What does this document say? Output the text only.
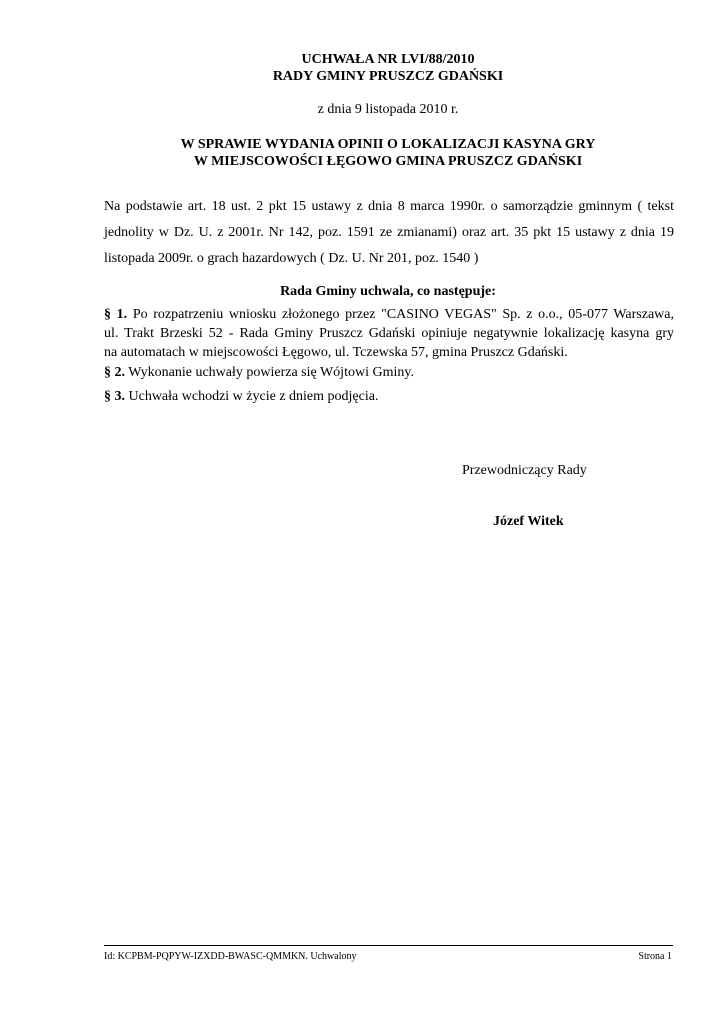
UCHWAŁA NR LVI/88/2010
RADY GMINY PRUSZCZ GDAŃSKI
z dnia 9 listopada 2010 r.
W SPRAWIE WYDANIA OPINII O LOKALIZACJI KASYNA GRY
W MIEJSCOWOŚCI ŁĘGOWO GMINA PRUSZCZ GDAŃSKI
Na podstawie art. 18 ust. 2 pkt 15 ustawy z dnia 8 marca 1990r. o samorządzie gminnym ( tekst
jednolity w Dz. U. z 2001r. Nr 142, poz. 1591 ze zmianami) oraz art. 35 pkt 15 ustawy z dnia 19
listopada 2009r. o grach hazardowych ( Dz. U. Nr 201, poz. 1540 )
Rada Gminy uchwala, co następuje:
§ 1. Po rozpatrzeniu wniosku złożonego przez "CASINO VEGAS" Sp. z o.o., 05-077 Warszawa,
ul. Trakt Brzeski 52 - Rada Gminy Pruszcz Gdański opiniuje negatywnie lokalizację kasyna gry
na automatach w miejscowości Łęgowo, ul. Tczewska 57, gmina Pruszcz Gdański.
§ 2. Wykonanie uchwały powierza się Wójtowi Gminy.
§ 3. Uchwała wchodzi w życie z dniem podjęcia.
Przewodniczący Rady
Józef Witek
Id: KCPBM-PQPYW-IZXDD-BWASC-QMMKN. Uchwalony	Strona 1
